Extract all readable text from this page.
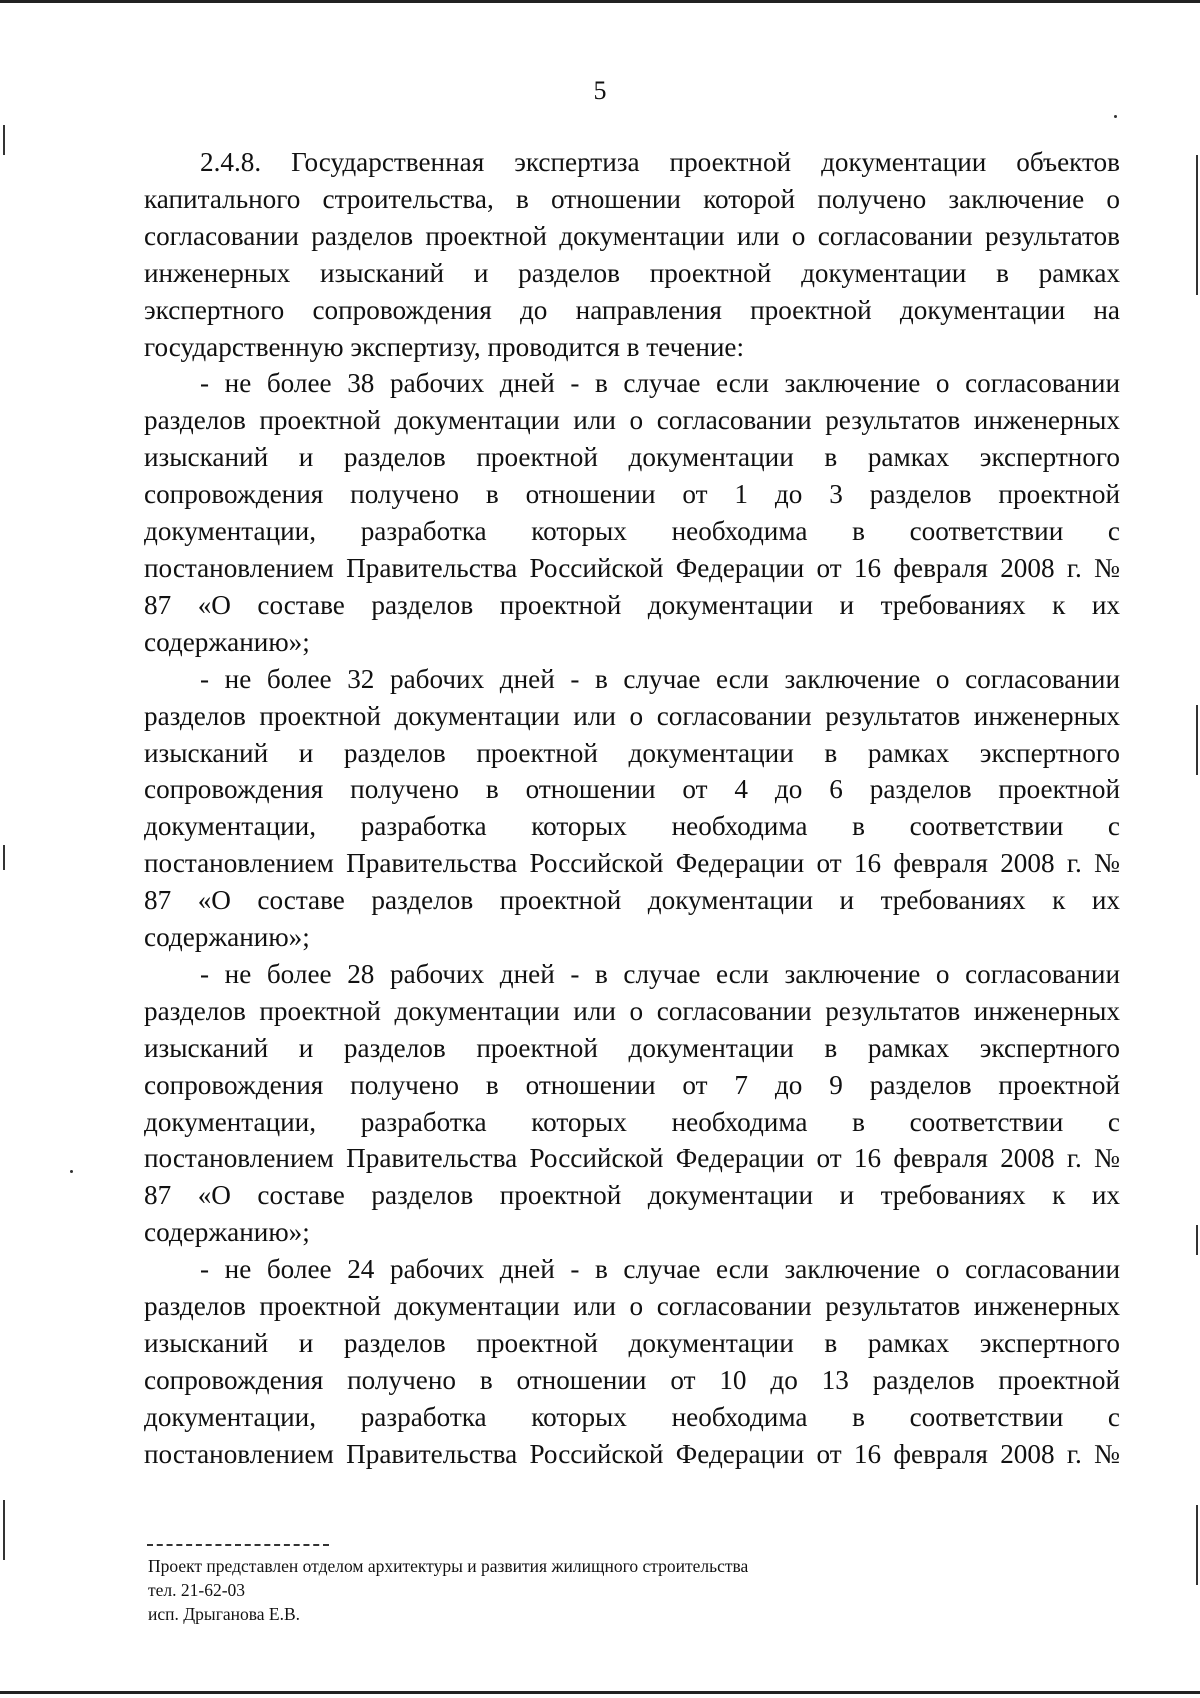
5
2.4.8. Государственная экспертиза проектной документации объектов
капитального строительства, в отношении которой получено заключение о
согласовании разделов проектной документации или о согласовании результатов
инженерных изысканий и разделов проектной документации в рамках
экспертного сопровождения до направления проектной документации на
государственную экспертизу, проводится в течение:
- не более 38 рабочих дней - в случае если заключение о согласовании
разделов проектной документации или о согласовании результатов инженерных
изысканий и разделов проектной документации в рамках экспертного
сопровождения получено в отношении от 1 до 3 разделов проектной
документации, разработка которых необходима в соответствии с
постановлением Правительства Российской Федерации от 16 февраля 2008 г. №
87 «О составе разделов проектной документации и требованиях к их
содержанию»;
- не более 32 рабочих дней - в случае если заключение о согласовании
разделов проектной документации или о согласовании результатов инженерных
изысканий и разделов проектной документации в рамках экспертного
сопровождения получено в отношении от 4 до 6 разделов проектной
документации, разработка которых необходима в соответствии с
постановлением Правительства Российской Федерации от 16 февраля 2008 г. №
87 «О составе разделов проектной документации и требованиях к их
содержанию»;
- не более 28 рабочих дней - в случае если заключение о согласовании
разделов проектной документации или о согласовании результатов инженерных
изысканий и разделов проектной документации в рамках экспертного
сопровождения получено в отношении от 7 до 9 разделов проектной
документации, разработка которых необходима в соответствии с
постановлением Правительства Российской Федерации от 16 февраля 2008 г. №
87 «О составе разделов проектной документации и требованиях к их
содержанию»;
- не более 24 рабочих дней - в случае если заключение о согласовании
разделов проектной документации или о согласовании результатов инженерных
изысканий и разделов проектной документации в рамках экспертного
сопровождения получено в отношении от 10 до 13 разделов проектной
документации, разработка которых необходима в соответствии с
постановлением Правительства Российской Федерации от 16 февраля 2008 г. №
Проект представлен отделом архитектуры и развития жилищного строительства
тел. 21-62-03
исп. Дрыганова Е.В.
